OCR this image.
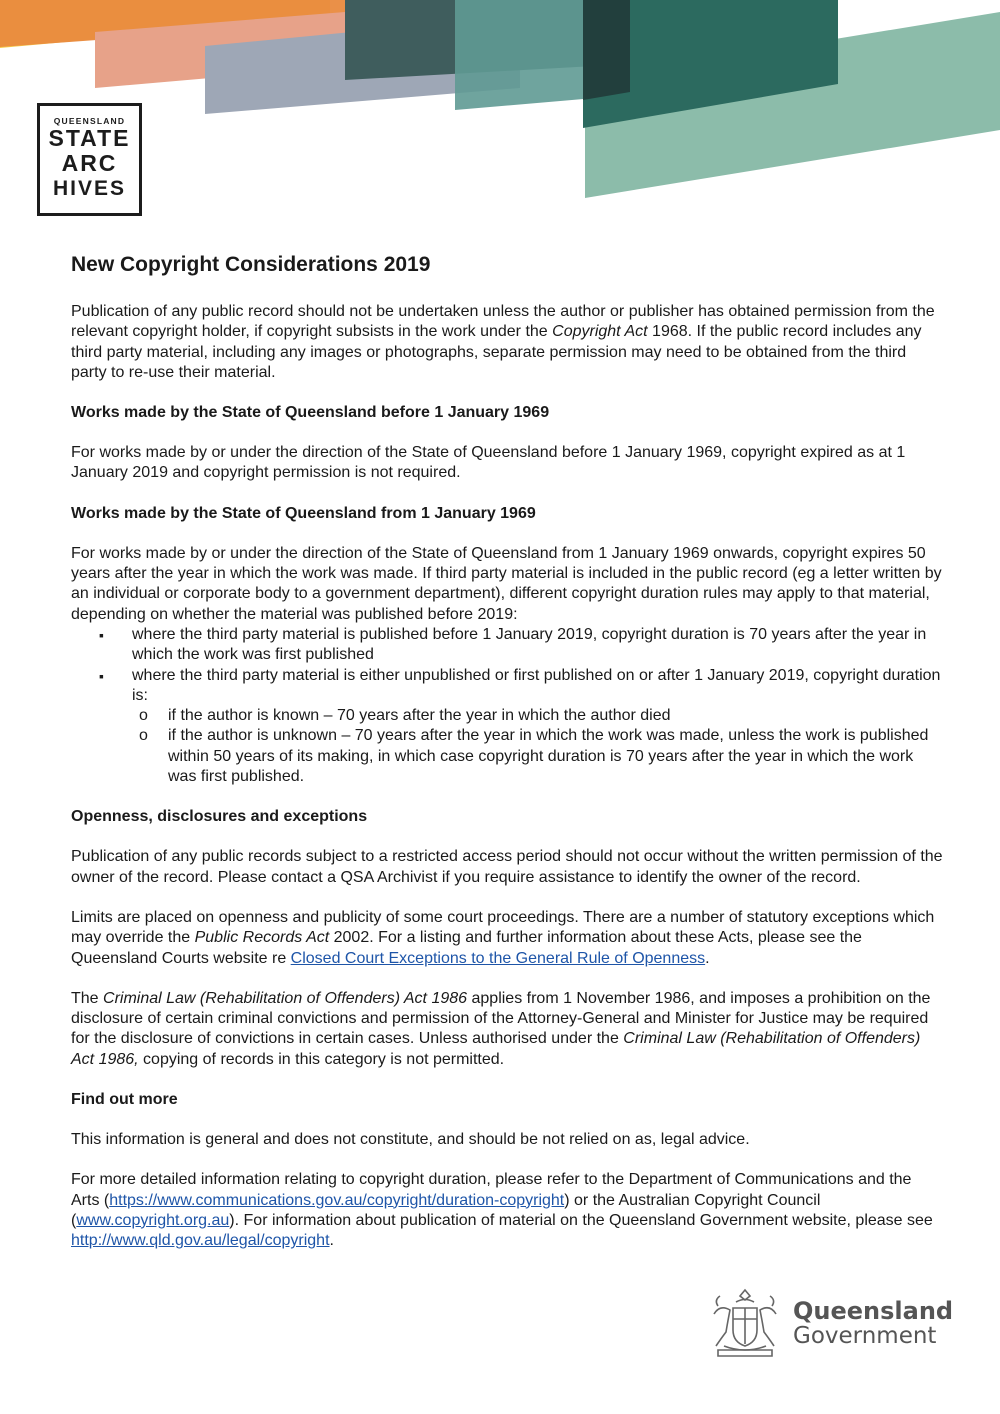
QUEENSLAND
STATE
ARC
HIVES
New Copyright Considerations 2019

Publication of any public record should not be undertaken unless the author or publisher has obtained permission from the relevant copyright holder, if copyright subsists in the work under the Copyright Act 1968. If the public record includes any third party material, including any images or photographs, separate permission may need to be obtained from the third party to re-use their material.

Works made by the State of Queensland before 1 January 1969

For works made by or under the direction of the State of Queensland before 1 January 1969, copyright expired as at 1 January 2019 and copyright permission is not required.

Works made by the State of Queensland from 1 January 1969

For works made by or under the direction of the State of Queensland from 1 January 1969 onwards, copyright expires 50 years after the year in which the work was made. If third party material is included in the public record (eg a letter written by an individual or corporate body to a government department), different copyright duration rules may apply to that material, depending on whether the material was published before 2019:

▪ where the third party material is published before 1 January 2019, copyright duration is 70 years after the year in which the work was first published
▪ where the third party material is either unpublished or first published on or after 1 January 2019, copyright duration is:
o if the author is known – 70 years after the year in which the author died
o if the author is unknown – 70 years after the year in which the work was made, unless the work is published within 50 years of its making, in which case copyright duration is 70 years after the year in which the work was first published.
Openness, disclosures and exceptions

Publication of any public records subject to a restricted access period should not occur without the written permission of the owner of the record. Please contact a QSA Archivist if you require assistance to identify the owner of the record.

Limits are placed on openness and publicity of some court proceedings. There are a number of statutory exceptions which may override the Public Records Act 2002. For a listing and further information about these Acts, please see the Queensland Courts website re Closed Court Exceptions to the General Rule of Openness.

The Criminal Law (Rehabilitation of Offenders) Act 1986 applies from 1 November 1986, and imposes a prohibition on the disclosure of certain criminal convictions and permission of the Attorney-General and Minister for Justice may be required for the disclosure of convictions in certain cases. Unless authorised under the Criminal Law (Rehabilitation of Offenders) Act 1986, copying of records in this category is not permitted.

Find out more

This information is general and does not constitute, and should be not relied on as, legal advice.

For more detailed information relating to copyright duration, please refer to the Department of Communications and the Arts (https://www.communications.gov.au/copyright/duration-copyright) or the Australian Copyright Council (www.copyright.org.au). For information about publication of material on the Queensland Government website, please see http://www.qld.gov.au/legal/copyright.

Queensland
Government
